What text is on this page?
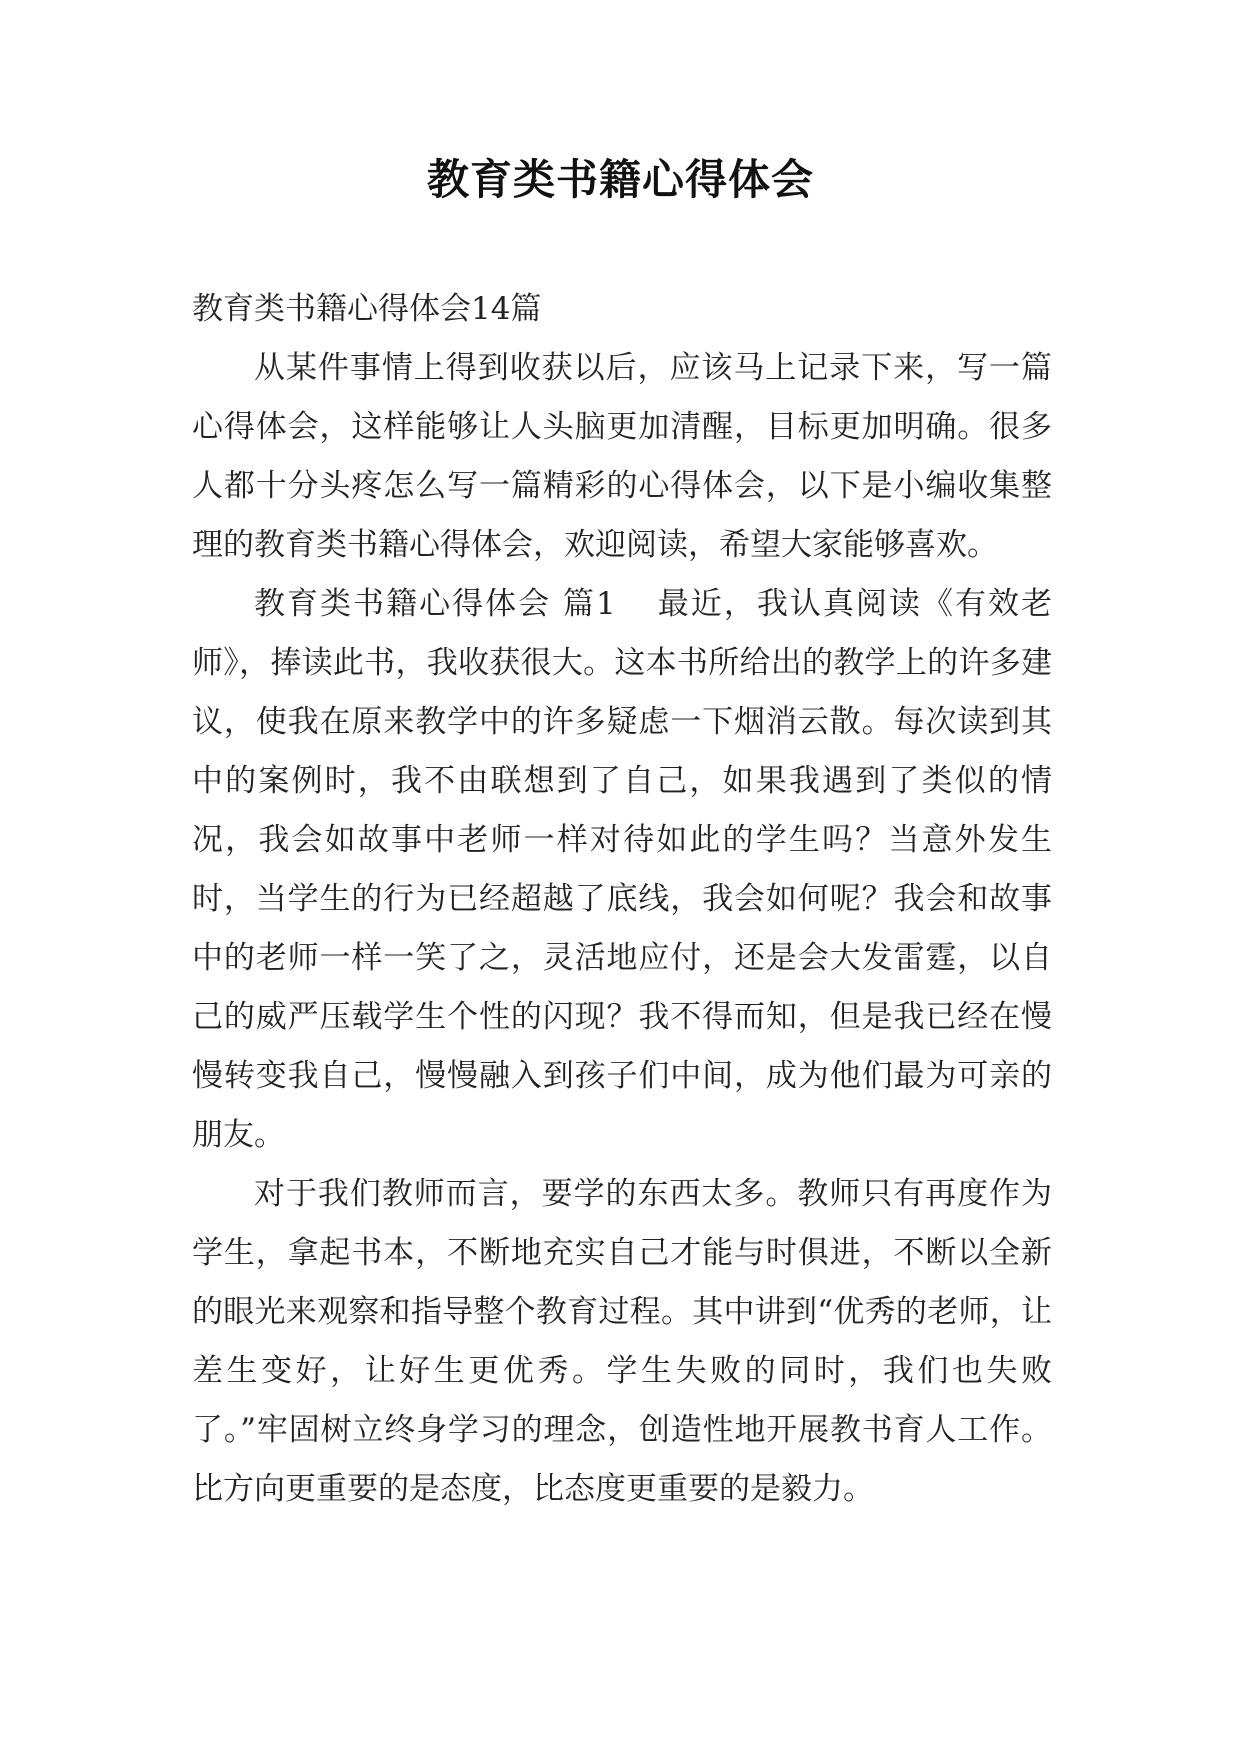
教育类书籍心得体会

教育类书籍心得体会14篇

从某件事情上得到收获以后，应该马上记录下来，写一篇心得体会，这样能够让人头脑更加清醒，目标更加明确。很多人都十分头疼怎么写一篇精彩的心得体会，以下是小编收集整理的教育类书籍心得体会，欢迎阅读，希望大家能够喜欢。

教育类书籍心得体会 篇1 最近，我认真阅读《有效老师》，捧读此书，我收获很大。这本书所给出的教学上的许多建议，使我在原来教学中的许多疑虑一下烟消云散。每次读到其中的案例时，我不由联想到了自己，如果我遇到了类似的情况，我会如故事中老师一样对待如此的学生吗？当意外发生时，当学生的行为已经超越了底线，我会如何呢？我会和故事中的老师一样一笑了之，灵活地应付，还是会大发雷霆，以自己的威严压载学生个性的闪现？我不得而知，但是我已经在慢慢转变我自己，慢慢融入到孩子们中间，成为他们最为可亲的朋友。

对于我们教师而言，要学的东西太多。教师只有再度作为学生，拿起书本，不断地充实自己才能与时俱进，不断以全新的眼光来观察和指导整个教育过程。其中讲到“优秀的老师，让差生变好，让好生更优秀。学生失败的同时，我们也失败了。”牢固树立终身学习的理念，创造性地开展教书育人工作。比方向更重要的是态度，比态度更重要的是毅力。
